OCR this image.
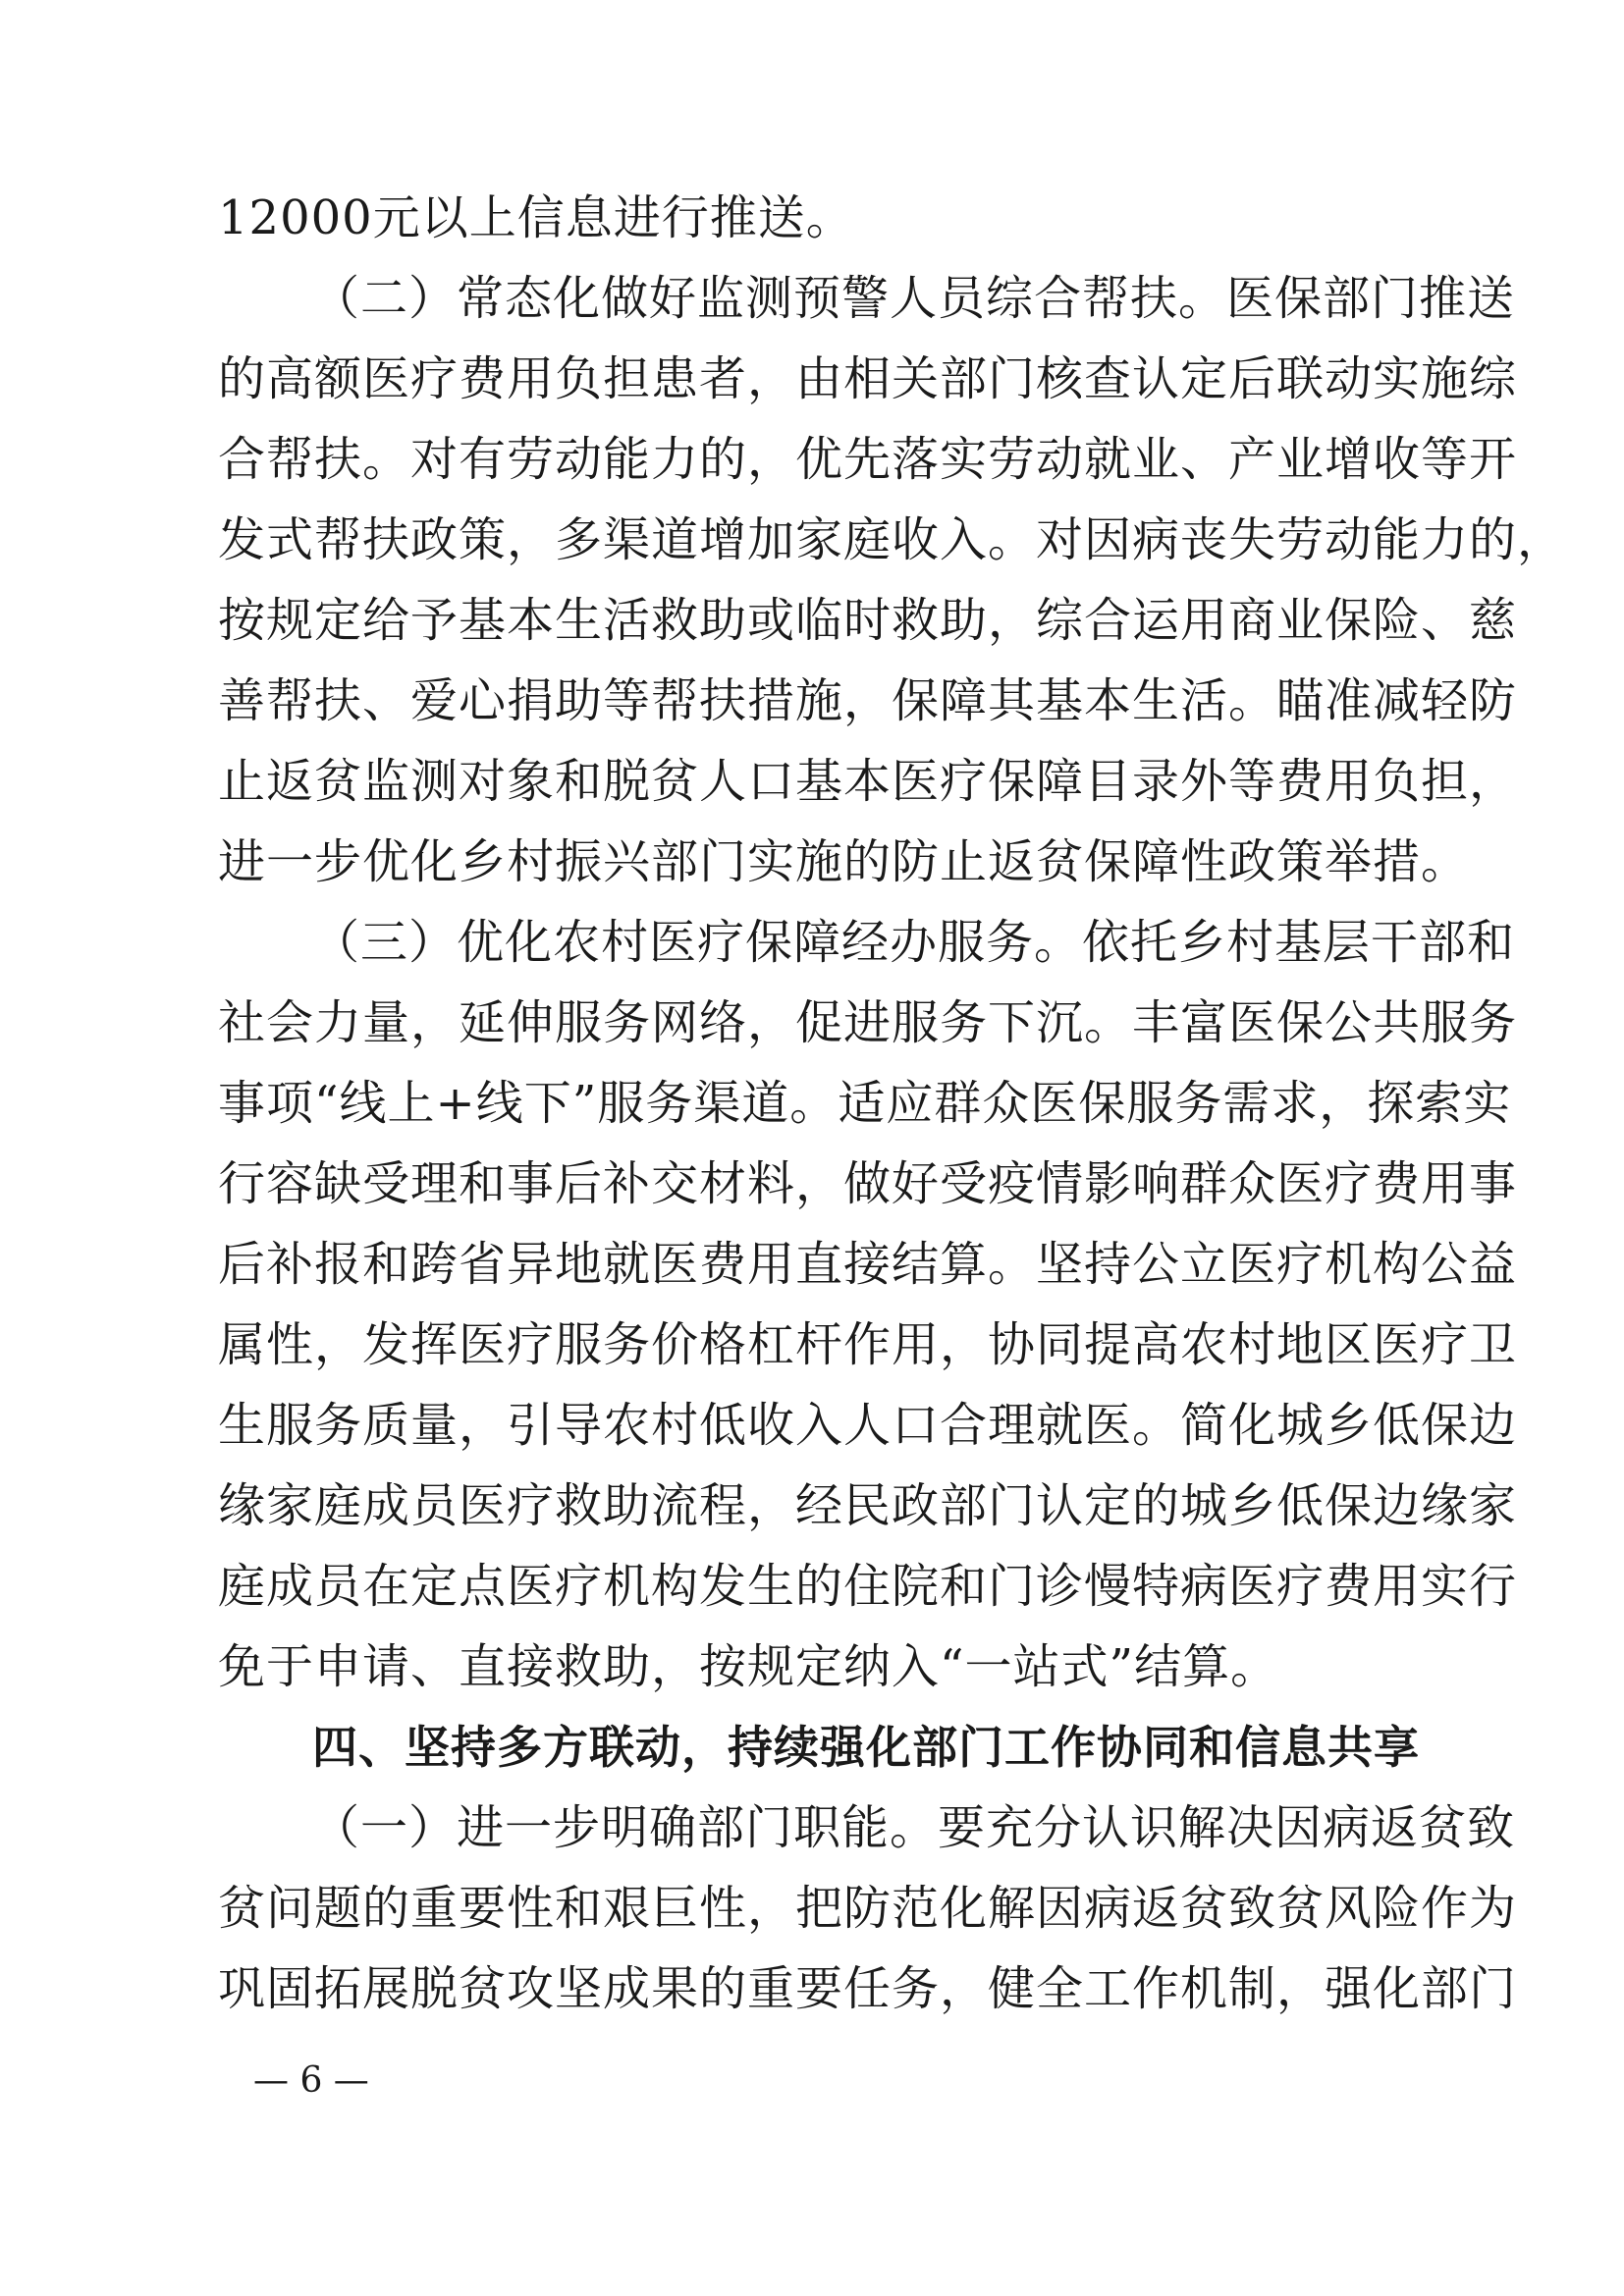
12000元以上信息进行推送。
（二）常态化做好监测预警人员综合帮扶。医保部门推送
的高额医疗费用负担患者，由相关部门核查认定后联动实施综
合帮扶。对有劳动能力的，优先落实劳动就业、产业增收等开
发式帮扶政策，多渠道增加家庭收入。对因病丧失劳动能力的，
按规定给予基本生活救助或临时救助，综合运用商业保险、慈
善帮扶、爱心捐助等帮扶措施，保障其基本生活。瞄准减轻防
止返贫监测对象和脱贫人口基本医疗保障目录外等费用负担，
进一步优化乡村振兴部门实施的防止返贫保障性政策举措。
（三）优化农村医疗保障经办服务。依托乡村基层干部和
社会力量，延伸服务网络，促进服务下沉。丰富医保公共服务
事项“线上+线下”服务渠道。适应群众医保服务需求，探索实
行容缺受理和事后补交材料，做好受疫情影响群众医疗费用事
后补报和跨省异地就医费用直接结算。坚持公立医疗机构公益
属性，发挥医疗服务价格杠杆作用，协同提高农村地区医疗卫
生服务质量，引导农村低收入人口合理就医。简化城乡低保边
缘家庭成员医疗救助流程，经民政部门认定的城乡低保边缘家
庭成员在定点医疗机构发生的住院和门诊慢特病医疗费用实行
免于申请、直接救助，按规定纳入“一站式”结算。
四、坚持多方联动，持续强化部门工作协同和信息共享
（一）进一步明确部门职能。要充分认识解决因病返贫致
贫问题的重要性和艰巨性，把防范化解因病返贫致贫风险作为
巩固拓展脱贫攻坚成果的重要任务，健全工作机制，强化部门
— 6 —
